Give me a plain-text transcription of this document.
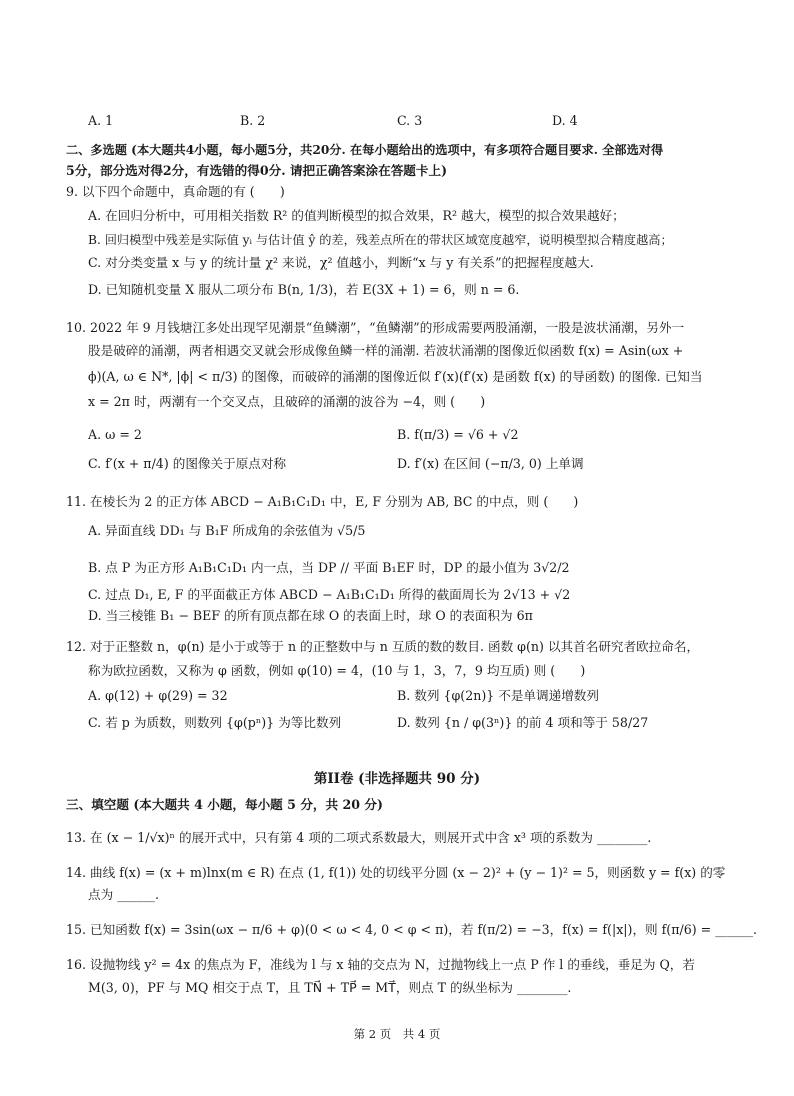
A. 1	B. 2	C. 3	D. 4
二、多选题 (本大题共4小题，每小题5分，共20分. 在每小题给出的选项中，有多项符合题目要求. 全部选对得
5分，部分选对得2分，有选错的得0分. 请把正确答案涂在答题卡上)
9. 以下四个命题中，真命题的有 (　　)
A. 在回归分析中，可用相关指数 R² 的值判断模型的拟合效果，R² 越大，模型的拟合效果越好；
B. 回归模型中残差是实际值 yᵢ 与估计值 ŷ 的差，残差点所在的带状区域宽度越窄，说明模型拟合精度越高；
C. 对分类变量 x 与 y 的统计量 χ² 来说，χ² 值越小，判断“x 与 y 有关系”的把握程度越大.
D. 已知随机变量 X 服从二项分布 B(n, 1/3)，若 E(3X + 1) = 6，则 n = 6.
10. 2022 年 9 月钱塘江多处出现罕见潮景“鱼鳞潮”，“鱼鳞潮”的形成需要两股涌潮，一股是波状涌潮，另外一
股是破碎的涌潮，两者相遇交叉就会形成像鱼鳞一样的涌潮. 若波状涌潮的图像近似函数 f(x) = Asin(ωx +
ϕ)(A, ω ∈ N*, |ϕ| < π/3) 的图像，而破碎的涌潮的图像近似 f′(x)(f′(x) 是函数 f(x) 的导函数) 的图像. 已知当
x = 2π 时，两潮有一个交叉点，且破碎的涌潮的波谷为 −4，则 (　　)
A. ω = 2	B. f(π/3) = √6 + √2
C. f′(x + π/4) 的图像关于原点对称	D. f′(x) 在区间 (−π/3, 0) 上单调
11. 在棱长为 2 的正方体 ABCD − A₁B₁C₁D₁ 中，E, F 分别为 AB, BC 的中点，则 (　　)
A. 异面直线 DD₁ 与 B₁F 所成角的余弦值为 √5/5
B. 点 P 为正方形 A₁B₁C₁D₁ 内一点，当 DP // 平面 B₁EF 时，DP 的最小值为 3√2/2
C. 过点 D₁, E, F 的平面截正方体 ABCD − A₁B₁C₁D₁ 所得的截面周长为 2√13 + √2
D. 当三棱锥 B₁ − BEF 的所有顶点都在球 O 的表面上时，球 O 的表面积为 6π
12. 对于正整数 n，φ(n) 是小于或等于 n 的正整数中与 n 互质的数的数目. 函数 φ(n) 以其首名研究者欧拉命名，
称为欧拉函数，又称为 φ 函数，例如 φ(10) = 4，(10 与 1，3，7，9 均互质) 则 (　　)
A. φ(12) + φ(29) = 32	B. 数列 {φ(2n)} 不是单调递增数列
C. 若 p 为质数，则数列 {φ(pⁿ)} 为等比数列	D. 数列 {n / φ(3ⁿ)} 的前 4 项和等于 58/27
第II卷 (非选择题共 90 分)
三、填空题 (本大题共 4 小题，每小题 5 分，共 20 分)
13. 在 (x − 1/√x)ⁿ 的展开式中，只有第 4 项的二项式系数最大，则展开式中含 x³ 项的系数为 ________.
14. 曲线 f(x) = (x + m)lnx(m ∈ R) 在点 (1, f(1)) 处的切线平分圆 (x − 2)² + (y − 1)² = 5，则函数 y = f(x) 的零
点为 ______.
15. 已知函数 f(x) = 3sin(ωx − π/6 + φ)(0 < ω < 4, 0 < φ < π)，若 f(π/2) = −3，f(x) = f(|x|)，则 f(π/6) = ______.
16. 设抛物线 y² = 4x 的焦点为 F，准线为 l 与 x 轴的交点为 N，过抛物线上一点 P 作 l 的垂线，垂足为 Q，若
M(3, 0)，PF 与 MQ 相交于点 T，且 TN⃗ + TP⃗ = MT⃗，则点 T 的纵坐标为 ________.
第 2 页　共 4 页
